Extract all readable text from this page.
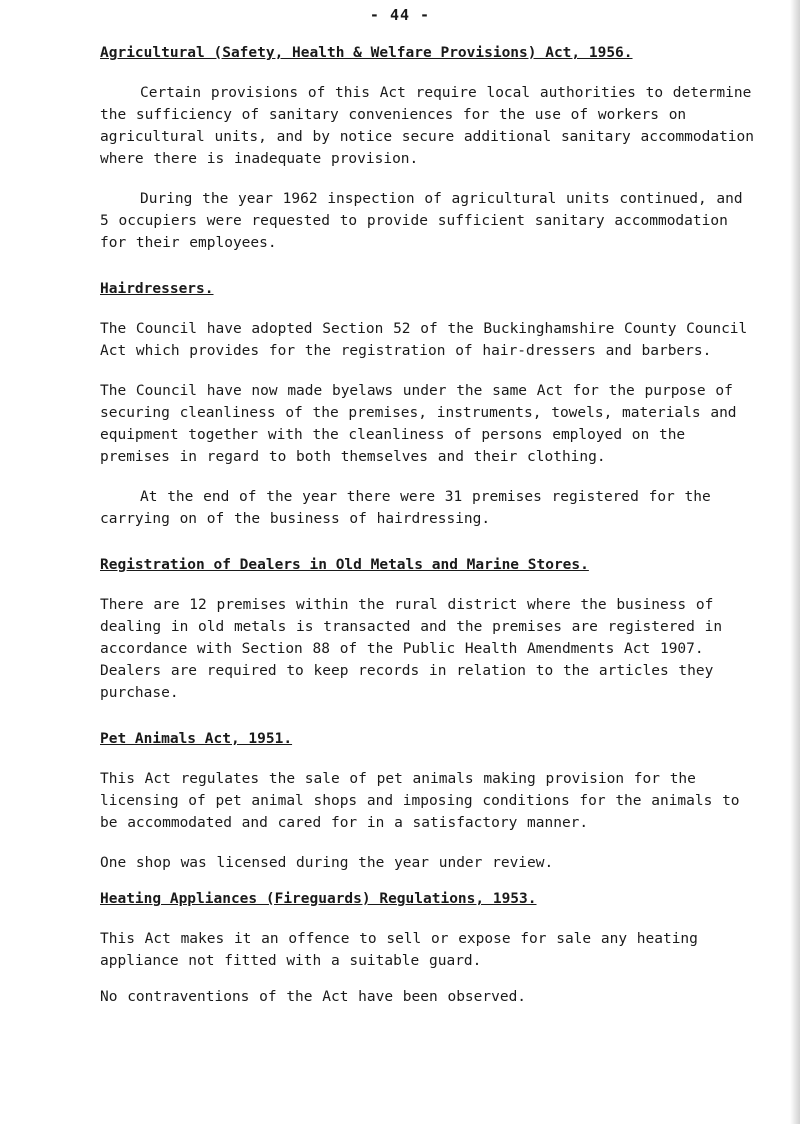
- 44 -
Agricultural (Safety, Health & Welfare Provisions) Act, 1956.

Certain provisions of this Act require local authorities to determine the sufficiency of sanitary conveniences for the use of workers on agricultural units, and by notice secure additional sanitary accommodation where there is inadequate provision.

During the year 1962 inspection of agricultural units continued, and 5 occupiers were requested to provide sufficient sanitary accommodation for their employees.

Hairdressers.

The Council have adopted Section 52 of the Buckinghamshire County Council Act which provides for the registration of hair-dressers and barbers.

The Council have now made byelaws under the same Act for the purpose of securing cleanliness of the premises, instruments, towels, materials and equipment together with the cleanliness of persons employed on the premises in regard to both themselves and their clothing.

At the end of the year there were 31 premises registered for the carrying on of the business of hairdressing.

Registration of Dealers in Old Metals and Marine Stores.

There are 12 premises within the rural district where the business of dealing in old metals is transacted and the premises are registered in accordance with Section 88 of the Public Health Amendments Act 1907. Dealers are required to keep records in relation to the articles they purchase.

Pet Animals Act, 1951.

This Act regulates the sale of pet animals making provision for the licensing of pet animal shops and imposing conditions for the animals to be accommodated and cared for in a satisfactory manner.

One shop was licensed during the year under review.

Heating Appliances (Fireguards) Regulations, 1953.

This Act makes it an offence to sell or expose for sale any heating appliance not fitted with a suitable guard.

No contraventions of the Act have been observed.
